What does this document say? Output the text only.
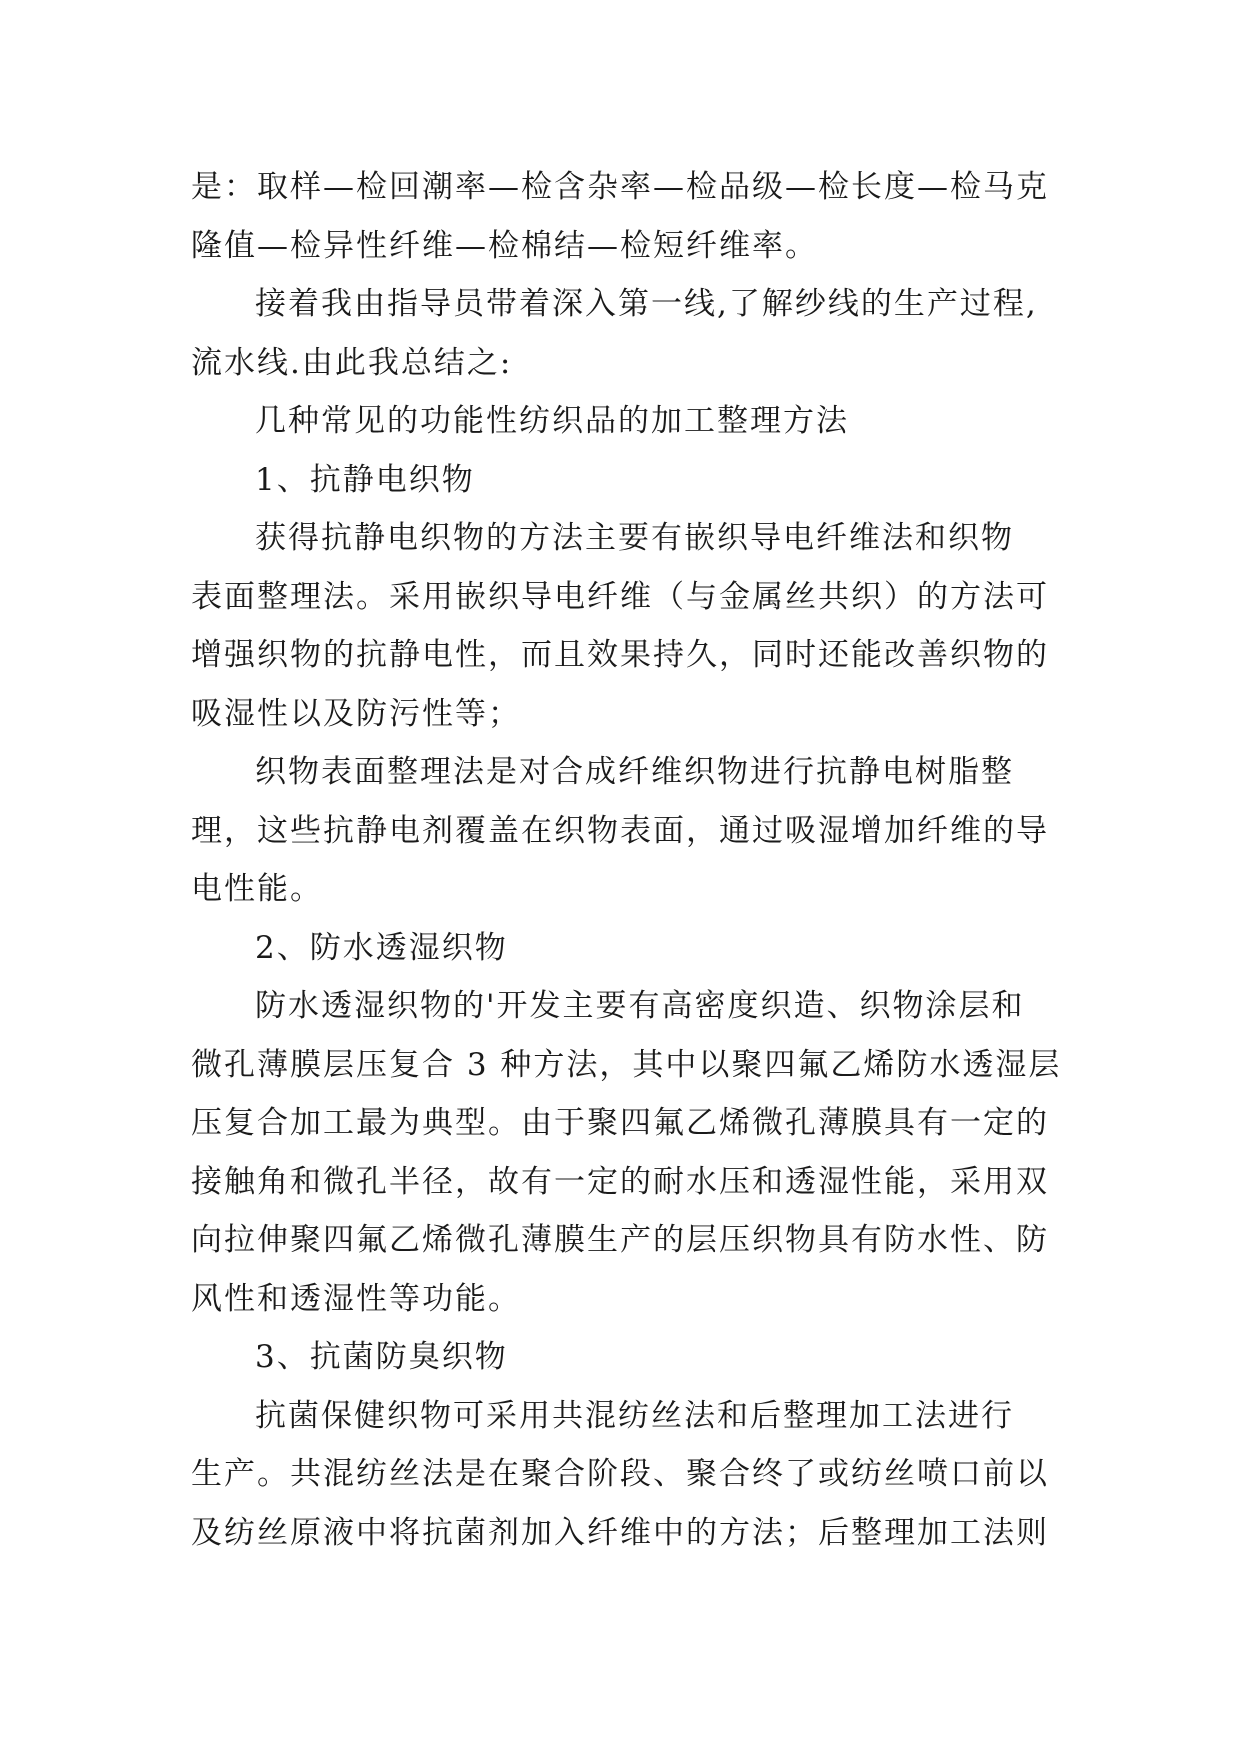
是：取样—检回潮率—检含杂率—检品级—检长度—检马克
隆值—检异性纤维—检棉结—检短纤维率。
接着我由指导员带着深入第一线,了解纱线的生产过程,
流水线.由此我总结之:
几种常见的功能性纺织品的加工整理方法
1、抗静电织物
获得抗静电织物的方法主要有嵌织导电纤维法和织物
表面整理法。采用嵌织导电纤维（与金属丝共织）的方法可
增强织物的抗静电性，而且效果持久，同时还能改善织物的
吸湿性以及防污性等；
织物表面整理法是对合成纤维织物进行抗静电树脂整
理，这些抗静电剂覆盖在织物表面，通过吸湿增加纤维的导
电性能。
2、防水透湿织物
防水透湿织物的'开发主要有高密度织造、织物涂层和
微孔薄膜层压复合 3 种方法，其中以聚四氟乙烯防水透湿层
压复合加工最为典型。由于聚四氟乙烯微孔薄膜具有一定的
接触角和微孔半径，故有一定的耐水压和透湿性能，采用双
向拉伸聚四氟乙烯微孔薄膜生产的层压织物具有防水性、防
风性和透湿性等功能。
3、抗菌防臭织物
抗菌保健织物可采用共混纺丝法和后整理加工法进行
生产。共混纺丝法是在聚合阶段、聚合终了或纺丝喷口前以
及纺丝原液中将抗菌剂加入纤维中的方法；后整理加工法则
